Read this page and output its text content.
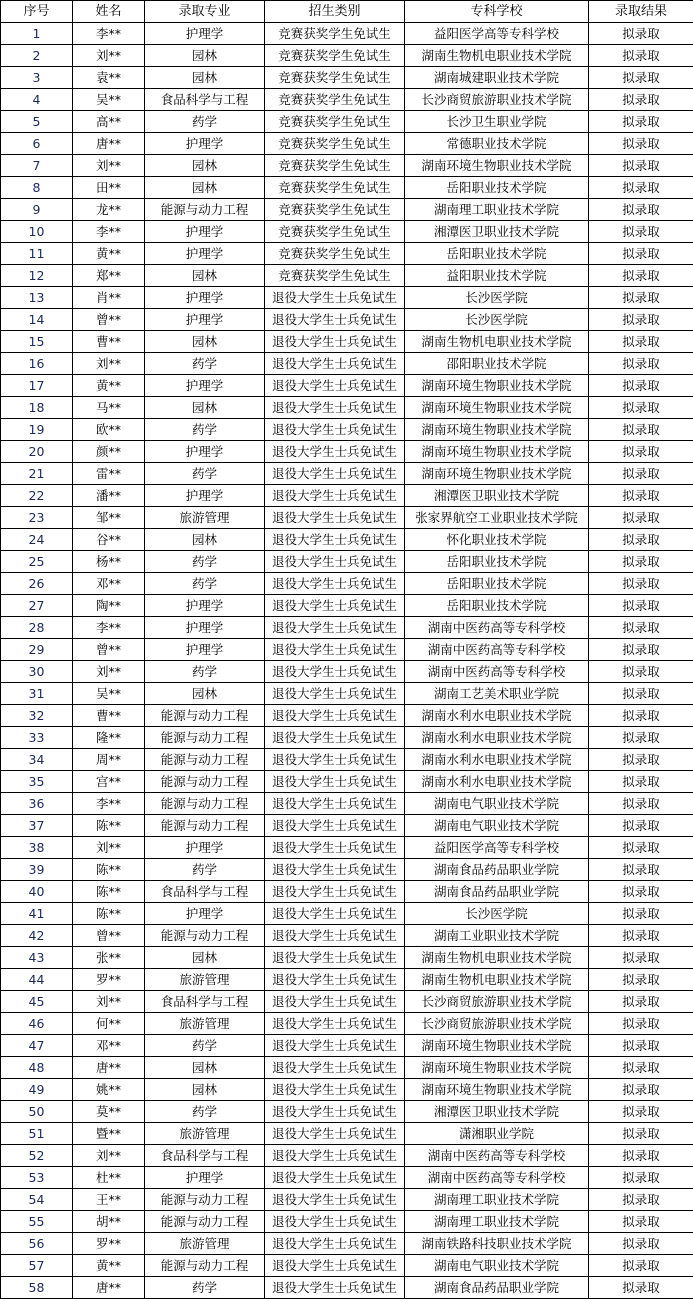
序号	姓名	录取专业	招生类别	专科学校	录取结果
1	李**	护理学	竞赛获奖学生免试生	益阳医学高等专科学校	拟录取
2	刘**	园林	竞赛获奖学生免试生	湖南生物机电职业技术学院	拟录取
3	袁**	园林	竞赛获奖学生免试生	湖南城建职业技术学院	拟录取
4	吴**	食品科学与工程	竞赛获奖学生免试生	长沙商贸旅游职业技术学院	拟录取
5	高**	药学	竞赛获奖学生免试生	长沙卫生职业学院	拟录取
6	唐**	护理学	竞赛获奖学生免试生	常德职业技术学院	拟录取
7	刘**	园林	竞赛获奖学生免试生	湖南环境生物职业技术学院	拟录取
8	田**	园林	竞赛获奖学生免试生	岳阳职业技术学院	拟录取
9	龙**	能源与动力工程	竞赛获奖学生免试生	湖南理工职业技术学院	拟录取
10	李**	护理学	竞赛获奖学生免试生	湘潭医卫职业技术学院	拟录取
11	黄**	护理学	竞赛获奖学生免试生	岳阳职业技术学院	拟录取
12	郑**	园林	竞赛获奖学生免试生	益阳职业技术学院	拟录取
13	肖**	护理学	退役大学生士兵免试生	长沙医学院	拟录取
14	曾**	护理学	退役大学生士兵免试生	长沙医学院	拟录取
15	曹**	园林	退役大学生士兵免试生	湖南生物机电职业技术学院	拟录取
16	刘**	药学	退役大学生士兵免试生	邵阳职业技术学院	拟录取
17	黄**	护理学	退役大学生士兵免试生	湖南环境生物职业技术学院	拟录取
18	马**	园林	退役大学生士兵免试生	湖南环境生物职业技术学院	拟录取
19	欧**	药学	退役大学生士兵免试生	湖南环境生物职业技术学院	拟录取
20	颜**	护理学	退役大学生士兵免试生	湖南环境生物职业技术学院	拟录取
21	雷**	药学	退役大学生士兵免试生	湖南环境生物职业技术学院	拟录取
22	潘**	护理学	退役大学生士兵免试生	湘潭医卫职业技术学院	拟录取
23	邹**	旅游管理	退役大学生士兵免试生	张家界航空工业职业技术学院	拟录取
24	谷**	园林	退役大学生士兵免试生	怀化职业技术学院	拟录取
25	杨**	药学	退役大学生士兵免试生	岳阳职业技术学院	拟录取
26	邓**	药学	退役大学生士兵免试生	岳阳职业技术学院	拟录取
27	陶**	护理学	退役大学生士兵免试生	岳阳职业技术学院	拟录取
28	李**	护理学	退役大学生士兵免试生	湖南中医药高等专科学校	拟录取
29	曾**	护理学	退役大学生士兵免试生	湖南中医药高等专科学校	拟录取
30	刘**	药学	退役大学生士兵免试生	湖南中医药高等专科学校	拟录取
31	吴**	园林	退役大学生士兵免试生	湖南工艺美术职业学院	拟录取
32	曹**	能源与动力工程	退役大学生士兵免试生	湖南水利水电职业技术学院	拟录取
33	隆**	能源与动力工程	退役大学生士兵免试生	湖南水利水电职业技术学院	拟录取
34	周**	能源与动力工程	退役大学生士兵免试生	湖南水利水电职业技术学院	拟录取
35	宫**	能源与动力工程	退役大学生士兵免试生	湖南水利水电职业技术学院	拟录取
36	李**	能源与动力工程	退役大学生士兵免试生	湖南电气职业技术学院	拟录取
37	陈**	能源与动力工程	退役大学生士兵免试生	湖南电气职业技术学院	拟录取
38	刘**	护理学	退役大学生士兵免试生	益阳医学高等专科学校	拟录取
39	陈**	药学	退役大学生士兵免试生	湖南食品药品职业学院	拟录取
40	陈**	食品科学与工程	退役大学生士兵免试生	湖南食品药品职业学院	拟录取
41	陈**	护理学	退役大学生士兵免试生	长沙医学院	拟录取
42	曾**	能源与动力工程	退役大学生士兵免试生	湖南工业职业技术学院	拟录取
43	张**	园林	退役大学生士兵免试生	湖南生物机电职业技术学院	拟录取
44	罗**	旅游管理	退役大学生士兵免试生	湖南生物机电职业技术学院	拟录取
45	刘**	食品科学与工程	退役大学生士兵免试生	长沙商贸旅游职业技术学院	拟录取
46	何**	旅游管理	退役大学生士兵免试生	长沙商贸旅游职业技术学院	拟录取
47	邓**	药学	退役大学生士兵免试生	湖南环境生物职业技术学院	拟录取
48	唐**	园林	退役大学生士兵免试生	湖南环境生物职业技术学院	拟录取
49	姚**	园林	退役大学生士兵免试生	湖南环境生物职业技术学院	拟录取
50	莫**	药学	退役大学生士兵免试生	湘潭医卫职业技术学院	拟录取
51	暨**	旅游管理	退役大学生士兵免试生	潇湘职业学院	拟录取
52	刘**	食品科学与工程	退役大学生士兵免试生	湖南中医药高等专科学校	拟录取
53	杜**	护理学	退役大学生士兵免试生	湖南中医药高等专科学校	拟录取
54	王**	能源与动力工程	退役大学生士兵免试生	湖南理工职业技术学院	拟录取
55	胡**	能源与动力工程	退役大学生士兵免试生	湖南理工职业技术学院	拟录取
56	罗**	旅游管理	退役大学生士兵免试生	湖南铁路科技职业技术学院	拟录取
57	黄**	能源与动力工程	退役大学生士兵免试生	湖南电气职业技术学院	拟录取
58	唐**	药学	退役大学生士兵免试生	湖南食品药品职业学院	拟录取
